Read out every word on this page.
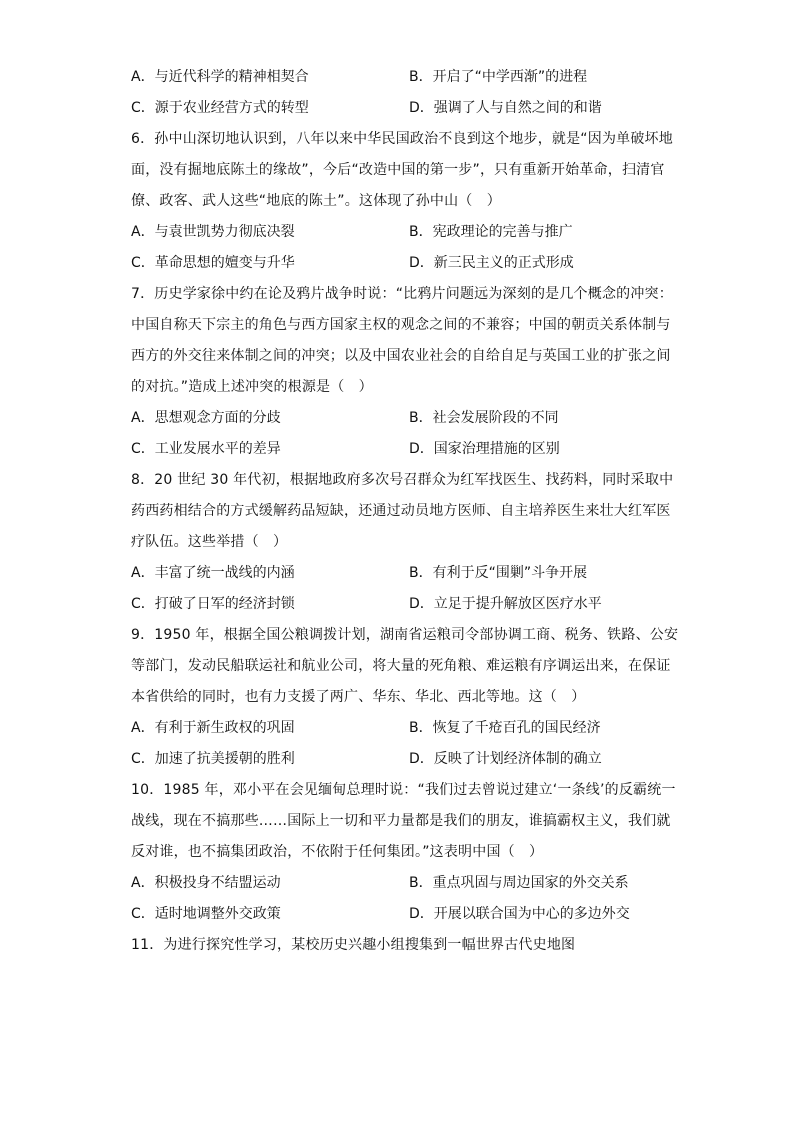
A．与近代科学的精神相契合	B．开启了“中学西渐”的进程
C．源于农业经营方式的转型	D．强调了人与自然之间的和谐
6．孙中山深切地认识到，八年以来中华民国政治不良到这个地步，就是“因为单破坏地
面，没有掘地底陈土的缘故”，今后“改造中国的第一步”，只有重新开始革命，扫清官
僚、政客、武人这些“地底的陈土”。这体现了孙中山（　）
A．与袁世凯势力彻底决裂	B．宪政理论的完善与推广
C．革命思想的嬗变与升华	D．新三民主义的正式形成
7．历史学家徐中约在论及鸦片战争时说：“比鸦片问题远为深刻的是几个概念的冲突：
中国自称天下宗主的角色与西方国家主权的观念之间的不兼容；中国的朝贡关系体制与
西方的外交往来体制之间的冲突；以及中国农业社会的自给自足与英国工业的扩张之间
的对抗。”造成上述冲突的根源是（　）
A．思想观念方面的分歧	B．社会发展阶段的不同
C．工业发展水平的差异	D．国家治理措施的区别
8．20 世纪 30 年代初，根据地政府多次号召群众为红军找医生、找药料，同时采取中
药西药相结合的方式缓解药品短缺，还通过动员地方医师、自主培养医生来壮大红军医
疗队伍。这些举措（　）
A．丰富了统一战线的内涵	B．有利于反“围剿”斗争开展
C．打破了日军的经济封锁	D．立足于提升解放区医疗水平
9．1950 年，根据全国公粮调拨计划，湖南省运粮司令部协调工商、税务、铁路、公安
等部门，发动民船联运社和航业公司，将大量的死角粮、难运粮有序调运出来，在保证
本省供给的同时，也有力支援了两广、华东、华北、西北等地。这（　）
A．有利于新生政权的巩固	B．恢复了千疮百孔的国民经济
C．加速了抗美援朝的胜利	D．反映了计划经济体制的确立
10．1985 年，邓小平在会见缅甸总理时说：“我们过去曾说过建立‘一条线’的反霸统一
战线，现在不搞那些……国际上一切和平力量都是我们的朋友，谁搞霸权主义，我们就
反对谁，也不搞集团政治，不依附于任何集团。”这表明中国（　）
A．积极投身不结盟运动	B．重点巩固与周边国家的外交关系
C．适时地调整外交政策	D．开展以联合国为中心的多边外交
11．为进行探究性学习，某校历史兴趣小组搜集到一幅世界古代史地图
